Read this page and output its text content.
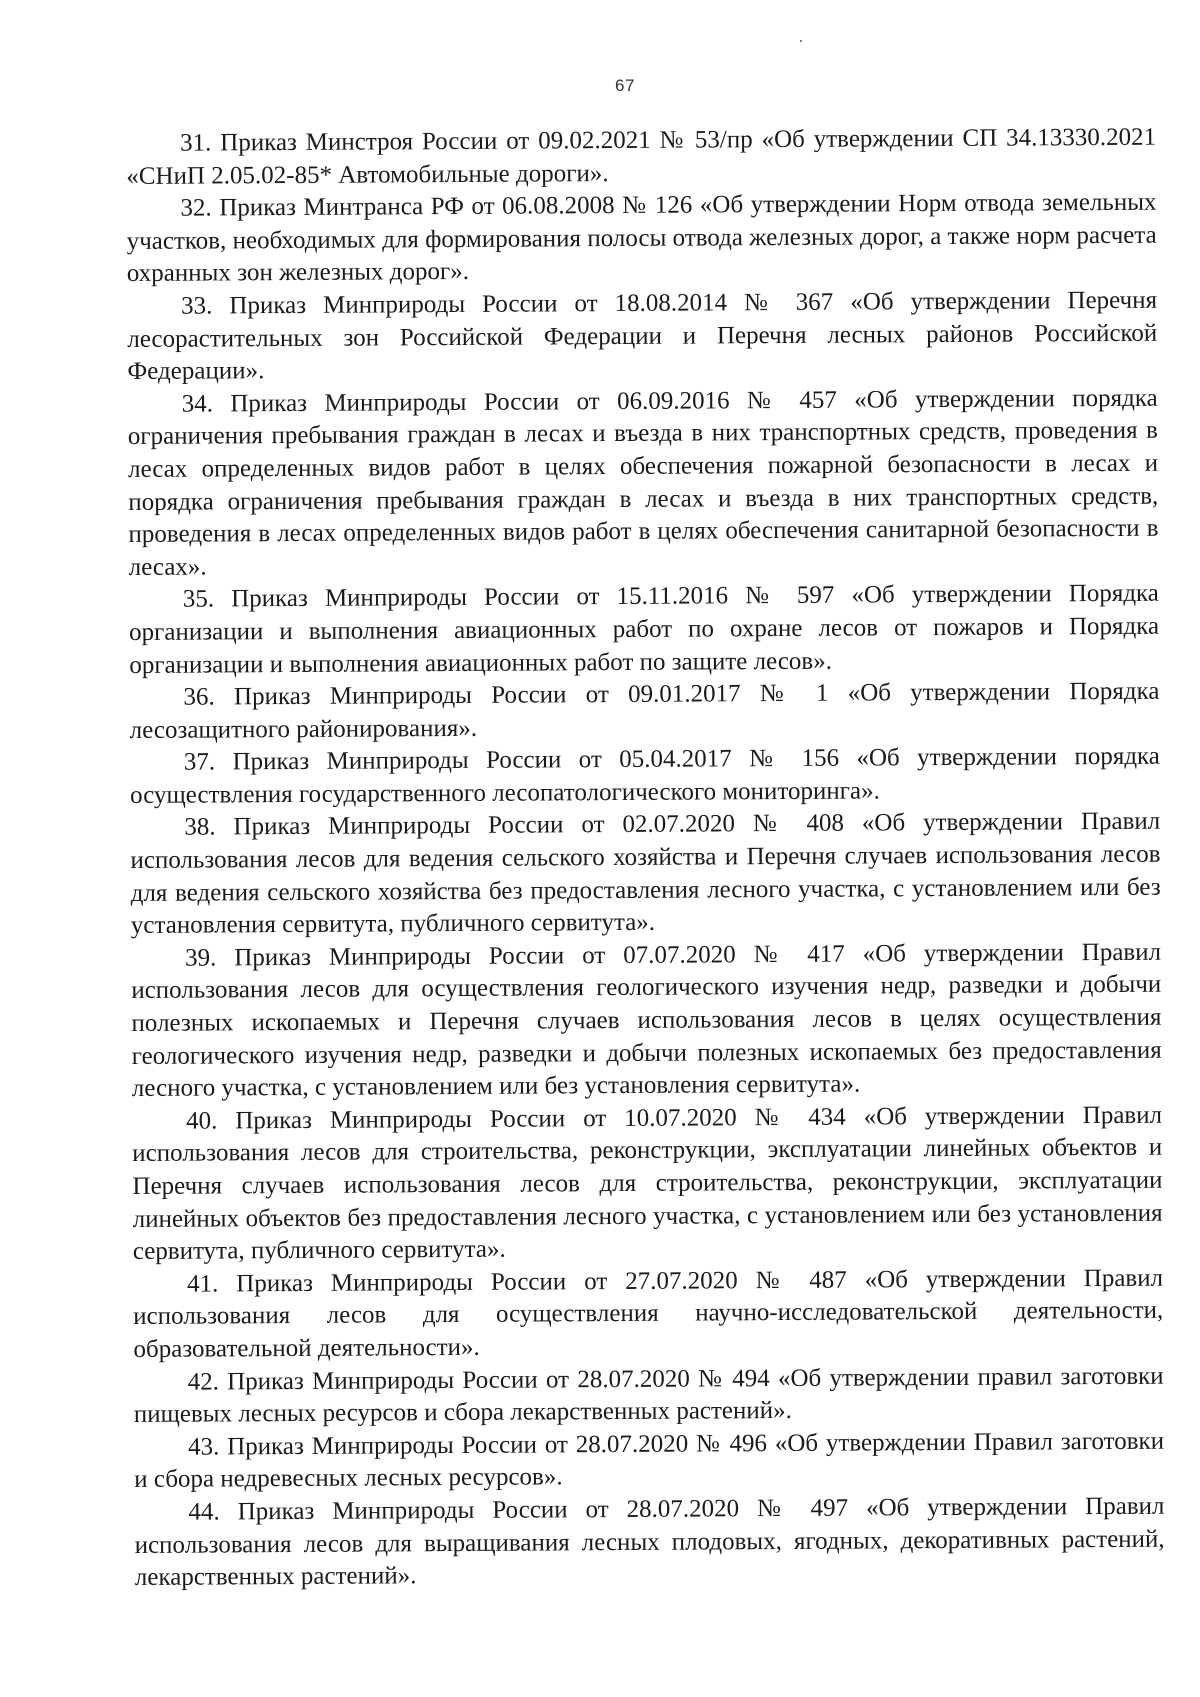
67

31. Приказ Минстроя России от 09.02.2021 № 53/пр «Об утверждении СП 34.13330.2021 «СНиП 2.05.02-85* Автомобильные дороги».

32. Приказ Минтранса РФ от 06.08.2008 № 126 «Об утверждении Норм отвода земельных участков, необходимых для формирования полосы отвода железных дорог, а также норм расчета охранных зон железных дорог».

33. Приказ Минприроды России от 18.08.2014 № 367 «Об утверждении Перечня лесорастительных зон Российской Федерации и Перечня лесных районов Российской Федерации».

34. Приказ Минприроды России от 06.09.2016 № 457 «Об утверждении порядка ограничения пребывания граждан в лесах и въезда в них транспортных средств, проведения в лесах определенных видов работ в целях обеспечения пожарной безопасности в лесах и порядка ограничения пребывания граждан в лесах и въезда в них транспортных средств, проведения в лесах определенных видов работ в целях обеспечения санитарной безопасности в лесах».

35. Приказ Минприроды России от 15.11.2016 № 597 «Об утверждении Порядка организации и выполнения авиационных работ по охране лесов от пожаров и Порядка организации и выполнения авиационных работ по защите лесов».

36. Приказ Минприроды России от 09.01.2017 № 1 «Об утверждении Порядка лесозащитного районирования».

37. Приказ Минприроды России от 05.04.2017 № 156 «Об утверждении порядка осуществления государственного лесопатологического мониторинга».

38. Приказ Минприроды России от 02.07.2020 № 408 «Об утверждении Правил использования лесов для ведения сельского хозяйства и Перечня случаев использования лесов для ведения сельского хозяйства без предоставления лесного участка, с установлением или без установления сервитута, публичного сервитута».

39. Приказ Минприроды России от 07.07.2020 № 417 «Об утверждении Правил использования лесов для осуществления геологического изучения недр, разведки и добычи полезных ископаемых и Перечня случаев использования лесов в целях осуществления геологического изучения недр, разведки и добычи полезных ископаемых без предоставления лесного участка, с установлением или без установления сервитута».

40. Приказ Минприроды России от 10.07.2020 № 434 «Об утверждении Правил использования лесов для строительства, реконструкции, эксплуатации линейных объектов и Перечня случаев использования лесов для строительства, реконструкции, эксплуатации линейных объектов без предоставления лесного участка, с установлением или без установления сервитута, публичного сервитута».

41. Приказ Минприроды России от 27.07.2020 № 487 «Об утверждении Правил использования лесов для осуществления научно-исследовательской деятельности, образовательной деятельности».

42. Приказ Минприроды России от 28.07.2020 № 494 «Об утверждении правил заготовки пищевых лесных ресурсов и сбора лекарственных растений».

43. Приказ Минприроды России от 28.07.2020 № 496 «Об утверждении Правил заготовки и сбора недревесных лесных ресурсов».

44. Приказ Минприроды России от 28.07.2020 № 497 «Об утверждении Правил использования лесов для выращивания лесных плодовых, ягодных, декоративных растений, лекарственных растений».
